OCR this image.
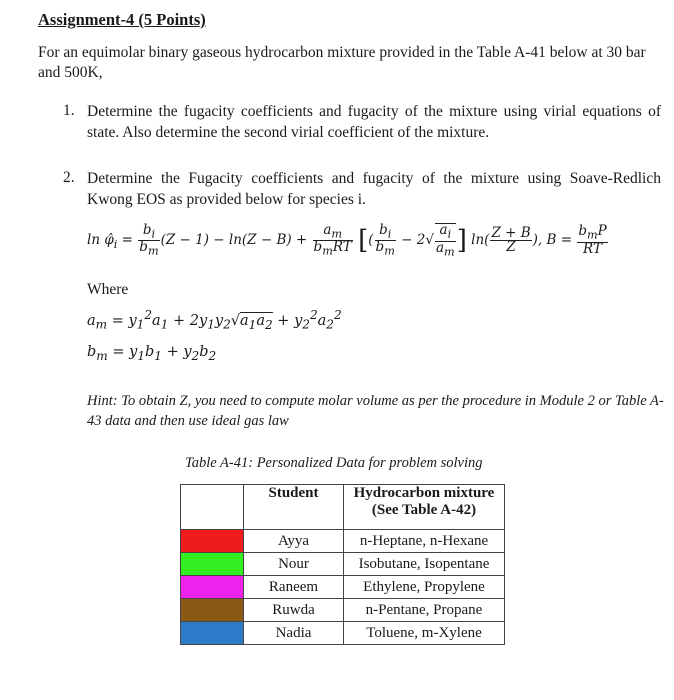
Assignment-4 (5 Points)
For an equimolar binary gaseous hydrocarbon mixture provided in the Table A-41 below at 30 bar and 500K,
1. Determine the fugacity coefficients and fugacity of the mixture using virial equations of state. Also determine the second virial coefficient of the mixture.
2. Determine the Fugacity coefficients and fugacity of the mixture using Soave-Redlich Kwong EOS as provided below for species i.
$\ln \varphî_i = \frac{b_i}{b_m} (Z - 1) - \ln(Z - B) + \frac{a_m}{b_mRT}$ [( $\frac{b_i}{b_m} - 2√ \frac{a_i}{a_m}$ ] $\ln( \frac{Z + B}{Z}$ ), $B = \frac{b_mP}{RT}$
Where
$a_m = y_1^2a_1 + 2y_1y_2√a_1a_2 + y_2^2a_2^2$
$b_m = y_1b_1 + y_2b_2$
Hint: To obtain Z, you need to compute molar volume as per the procedure in Module 2 or Table A-43 data and then use ideal gas law
Table A-41: Personalized Data for problem solving
	Student	Hydrocarbon mixture
(See Table A-42)

	Ayya	n-Heptane, n-Hexane
	Nour	Isobutane, Isopentane
	Raneem	Ethylene, Propylene
	Ruwda	n-Pentane, Propane
	Nadia	Toluene, m-Xylene
